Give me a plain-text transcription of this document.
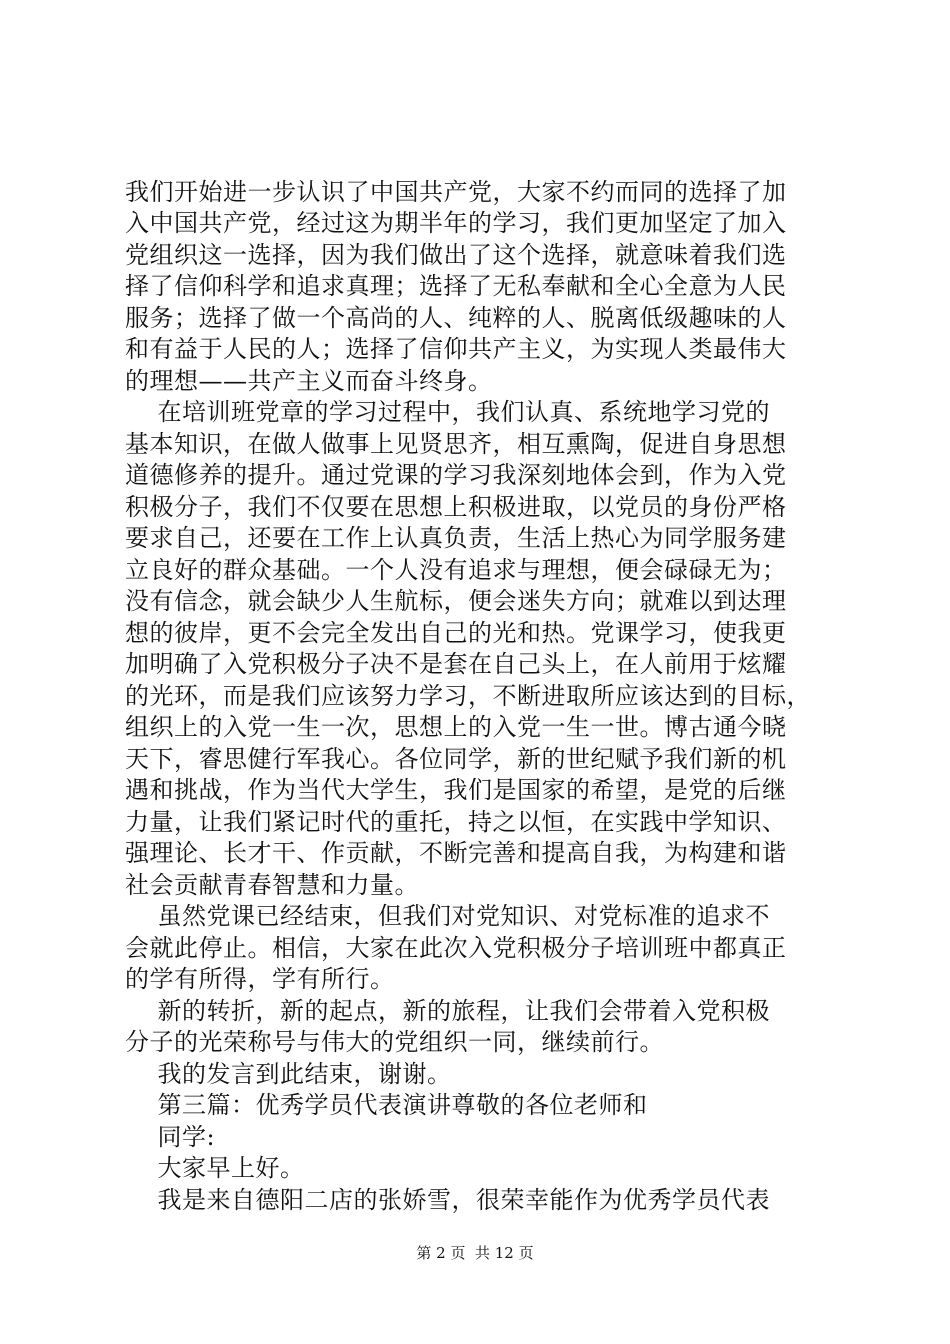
我们开始进一步认识了中国共产党，大家不约而同的选择了加
入中国共产党，经过这为期半年的学习，我们更加坚定了加入
党组织这一选择，因为我们做出了这个选择，就意味着我们选
择了信仰科学和追求真理；选择了无私奉献和全心全意为人民
服务；选择了做一个高尚的人、纯粹的人、脱离低级趣味的人
和有益于人民的人；选择了信仰共产主义，为实现人类最伟大
的理想——共产主义而奋斗终身。
在培训班党章的学习过程中，我们认真、系统地学习党的
基本知识，在做人做事上见贤思齐，相互熏陶，促进自身思想
道德修养的提升。通过党课的学习我深刻地体会到，作为入党
积极分子，我们不仅要在思想上积极进取，以党员的身份严格
要求自己，还要在工作上认真负责，生活上热心为同学服务建
立良好的群众基础。一个人没有追求与理想，便会碌碌无为；
没有信念，就会缺少人生航标，便会迷失方向；就难以到达理
想的彼岸，更不会完全发出自己的光和热。党课学习，使我更
加明确了入党积极分子决不是套在自己头上，在人前用于炫耀
的光环，而是我们应该努力学习，不断进取所应该达到的目标，
组织上的入党一生一次，思想上的入党一生一世。博古通今晓
天下，睿思健行军我心。各位同学，新的世纪赋予我们新的机
遇和挑战，作为当代大学生，我们是国家的希望，是党的后继
力量，让我们紧记时代的重托，持之以恒，在实践中学知识、
强理论、长才干、作贡献，不断完善和提高自我，为构建和谐
社会贡献青春智慧和力量。
虽然党课已经结束，但我们对党知识、对党标准的追求不
会就此停止。相信，大家在此次入党积极分子培训班中都真正
的学有所得，学有所行。
新的转折，新的起点，新的旅程，让我们会带着入党积极
分子的光荣称号与伟大的党组织一同，继续前行。
我的发言到此结束，谢谢。
第三篇：优秀学员代表演讲尊敬的各位老师和
同学:
大家早上好。
我是来自德阳二店的张娇雪，很荣幸能作为优秀学员代表
第 2 页  共 12 页
